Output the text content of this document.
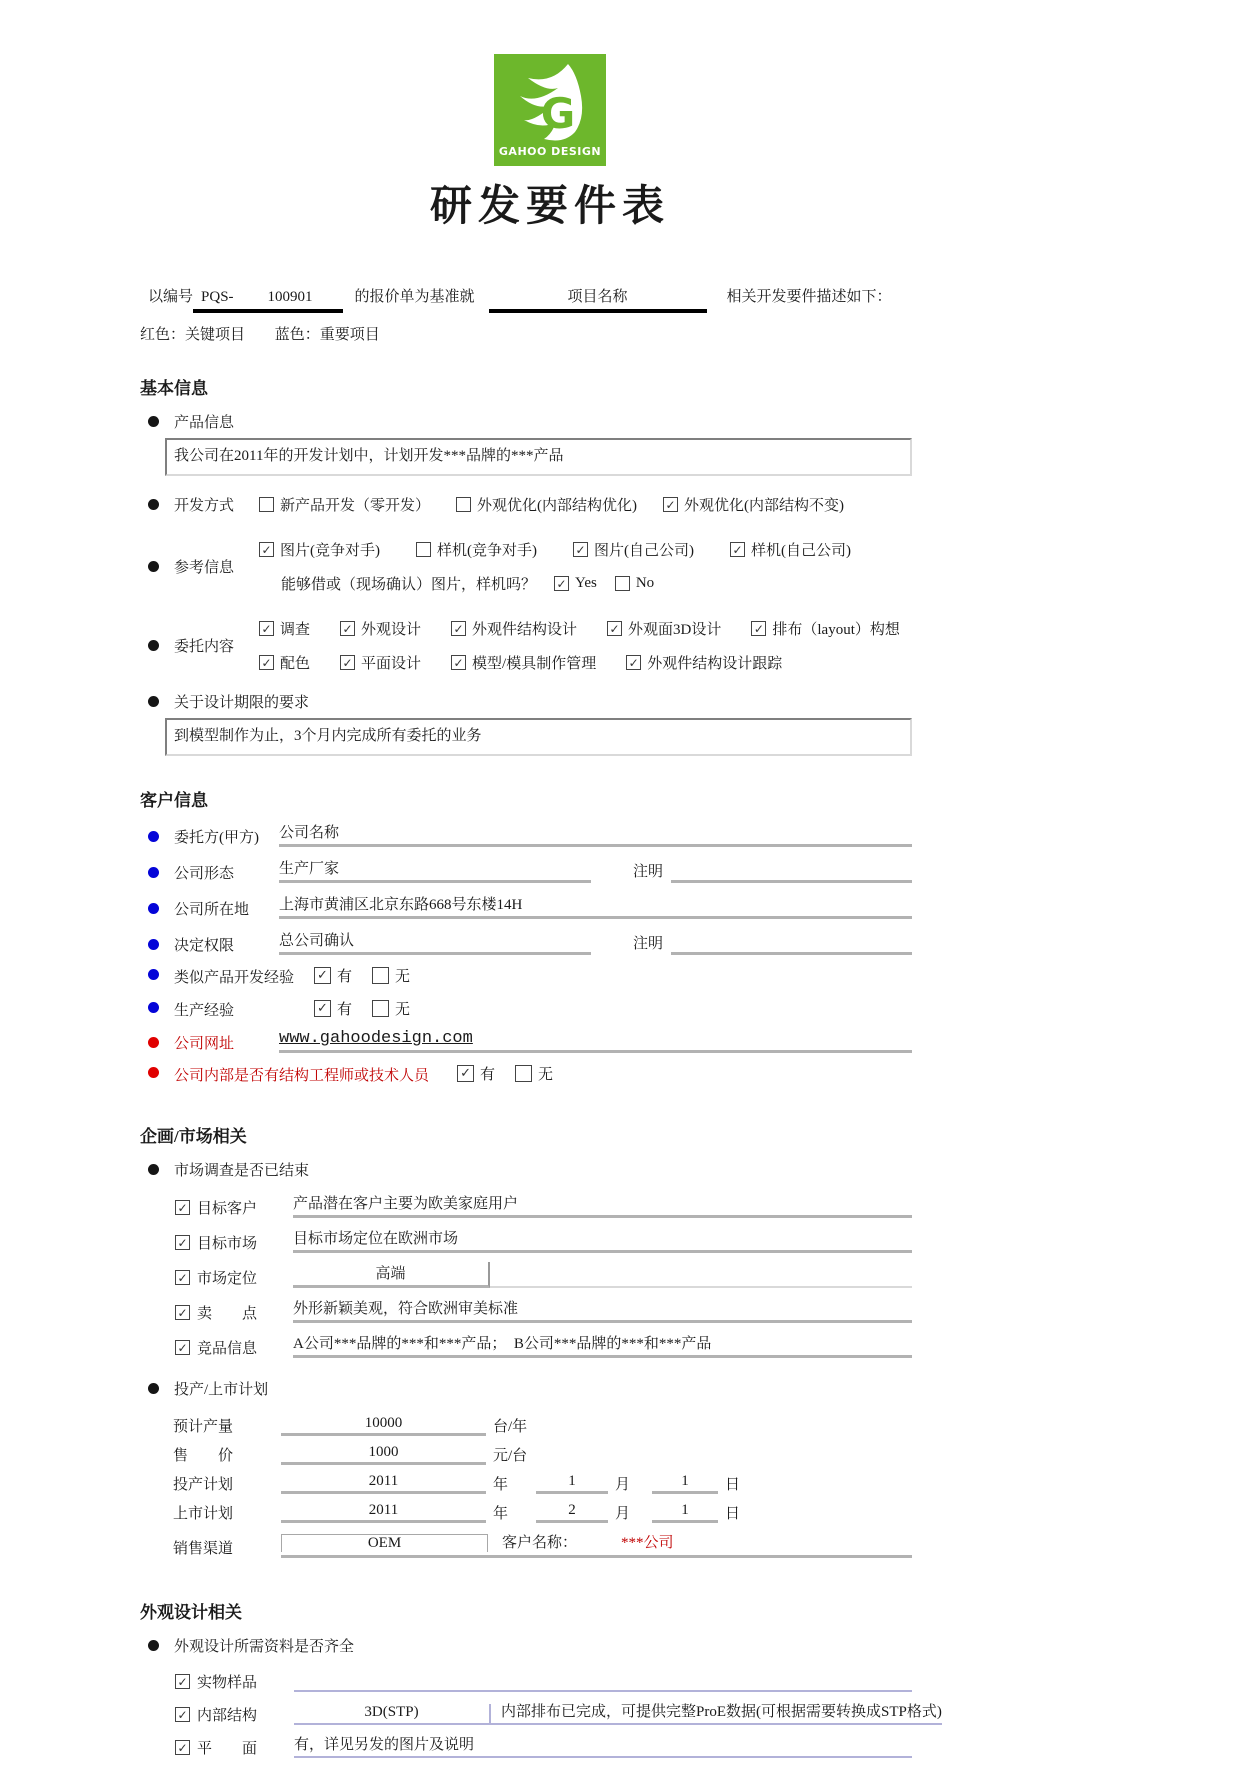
G
GAHOO DESIGN
研发要件表
以编号 PQS- 100901	的报价单为基准就	项目名称	相关开发要件描述如下：
红色：关键项目 蓝色：重要项目
基本信息
产品信息
我公司在2011年的开发计划中，计划开发***品牌的***产品
开发方式	新产品开发（零开发）	外观优化(内部结构优化) ✓ 外观优化(内部结构不变)
参考信息
✓ 图片(竞争对手)	样机(竞争对手)	✓ 图片(自己公司)	✓ 样机(自己公司)
能够借或（现场确认）图片，样机吗？ ✓ Yes	No
委托内容
✓ 调查	✓ 外观设计	✓ 外观件结构设计	✓ 外观面3D设计	✓ 排布（layout）构想
✓ 配色	✓ 平面设计	✓ 模型/模具制作管理	✓ 外观件结构设计跟踪
关于设计期限的要求
到模型制作为止，3个月内完成所有委托的业务
客户信息
委托方(甲方)	公司名称
公司形态	生产厂家	注明
公司所在地	上海市黄浦区北京东路668号东楼14H
决定权限	总公司确认	注明
类似产品开发经验	✓ 有	无
生产经验	✓ 有	无
公司网址	www.gahoodesign.com
公司内部是否有结构工程师或技术人员 ✓ 有	无
企画/市场相关
市场调查是否已结束
✓ 目标客户	产品潜在客户主要为欧美家庭用户
✓ 目标市场	目标市场定位在欧洲市场
✓ 市场定位	高端
✓ 卖　　点	外形新颖美观，符合欧洲审美标准
✓ 竞品信息	A公司***品牌的***和***产品；  B公司***品牌的***和***产品
投产/上市计划
预计产量	10000	台/年
售　　价	1000	元/台
投产计划	2011	年	1	月	1	日
上市计划	2011	年	2	月	1	日
销售渠道	OEM	客户名称：	***公司
外观设计相关
外观设计所需资料是否齐全
✓ 实物样品
✓ 内部结构	3D(STP)	内部排布已完成，可提供完整ProE数据(可根据需要转换成STP格式)
✓ 平　　面	有，详见另发的图片及说明
